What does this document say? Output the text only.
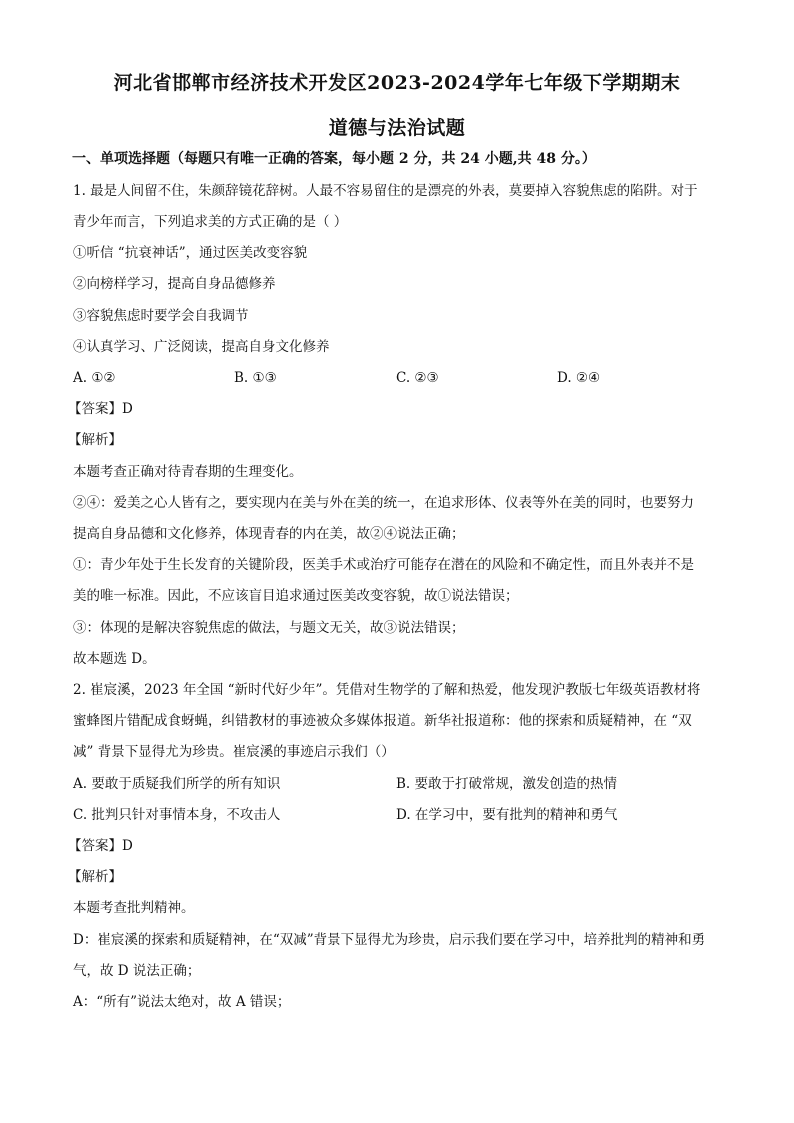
河北省邯郸市经济技术开发区2023-2024学年七年级下学期期末
道德与法治试题
一、单项选择题（每题只有唯一正确的答案，每小题 2 分，共 24 小题,共 48 分。）
1. 最是人间留不住，朱颜辞镜花辞树。人最不容易留住的是漂亮的外表，莫要掉入容貌焦虑的陷阱。对于
青少年而言，下列追求美的方式正确的是（ ）
①听信 “抗衰神话”，通过医美改变容貌
②向榜样学习，提高自身品德修养
③容貌焦虑时要学会自我调节
④认真学习、广泛阅读，提高自身文化修养
A. ①②	B. ①③	C. ②③	D. ②④
【答案】D
【解析】
本题考查正确对待青春期的生理变化。
②④：爱美之心人皆有之，要实现内在美与外在美的统一，在追求形体、仪表等外在美的同时，也要努力
提高自身品德和文化修养，体现青春的内在美，故②④说法正确；
①：青少年处于生长发育的关键阶段，医美手术或治疗可能存在潜在的风险和不确定性，而且外表并不是
美的唯一标准。因此，不应该盲目追求通过医美改变容貌，故①说法错误；
③：体现的是解决容貌焦虑的做法，与题文无关，故③说法错误；
故本题选 D。
2. 崔宸溪，2023 年全国 “新时代好少年”。凭借对生物学的了解和热爱，他发现沪教版七年级英语教材将
蜜蜂图片错配成食蚜蝇，纠错教材的事迹被众多媒体报道。新华社报道称：他的探索和质疑精神，在 “双
减” 背景下显得尤为珍贵。崔宸溪的事迹启示我们（）
A. 要敢于质疑我们所学的所有知识	B. 要敢于打破常规，激发创造的热情
C. 批判只针对事情本身，不攻击人	D. 在学习中，要有批判的精神和勇气
【答案】D
【解析】
本题考查批判精神。
D：崔宸溪的探索和质疑精神，在“双减”背景下显得尤为珍贵，启示我们要在学习中，培养批判的精神和勇
气，故 D 说法正确；
A：“所有”说法太绝对，故 A 错误；
